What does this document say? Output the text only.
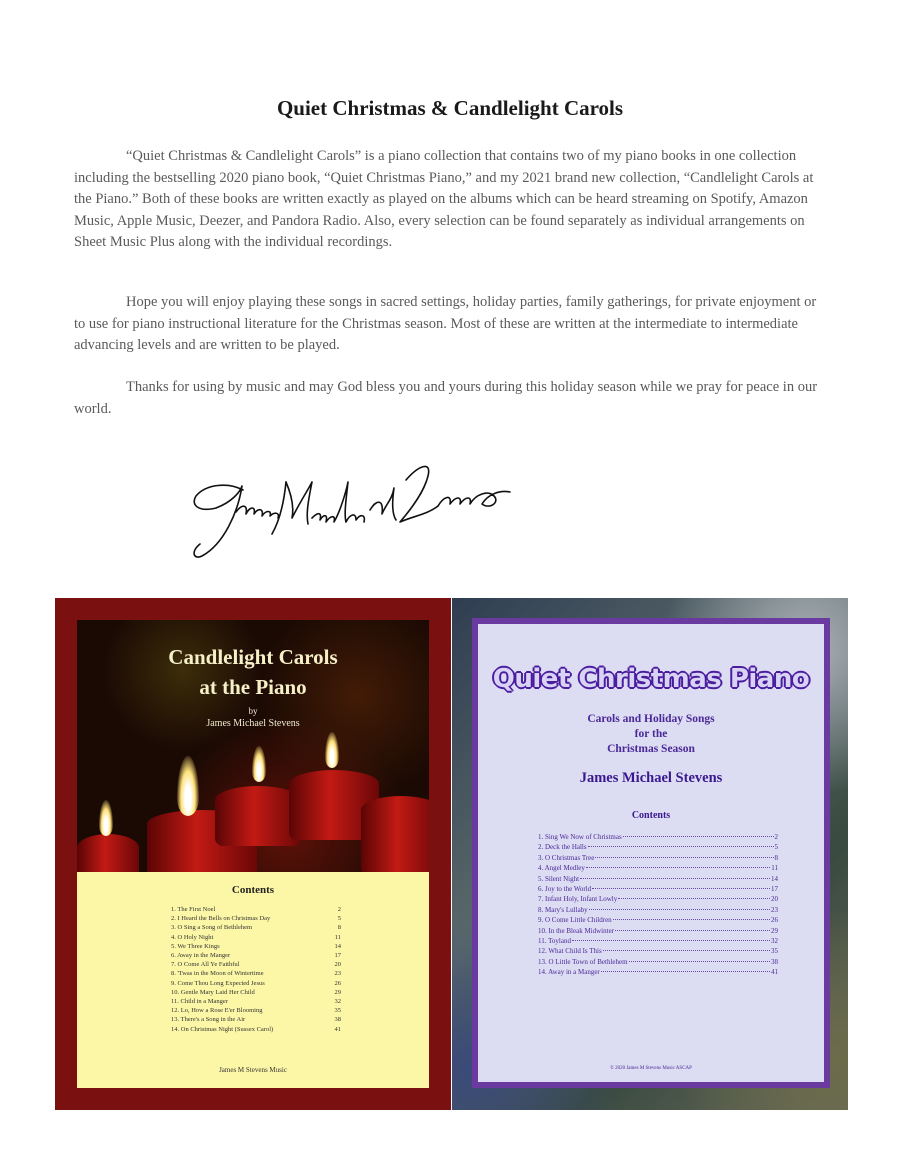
Quiet Christmas & Candlelight Carols

“Quiet Christmas & Candlelight Carols” is a piano collection that contains two of my piano books in one collection including the bestselling 2020 piano book, “Quiet Christmas Piano,” and my 2021 brand new collection, “Candlelight Carols at the Piano.” Both of these books are written exactly as played on the albums which can be heard streaming on Spotify, Amazon Music, Apple Music, Deezer, and Pandora Radio. Also, every selection can be found separately as individual arrangements on Sheet Music Plus along with the individual recordings.

Hope you will enjoy playing these songs in sacred settings, holiday parties, family gatherings, for private enjoyment or to use for piano instructional literature for the Christmas season. Most of these are written at the intermediate to intermediate advancing levels and are written to be played.

Thanks for using by music and may God bless you and yours during this holiday season while we pray for peace in our world.

Candlelight Carols
at the Piano
by
James Michael Stevens
Contents
1. The First Noel	2
2. I Heard the Bells on Christmas Day	5
3. O Sing a Song of Bethlehem	8
4. O Holy Night	11
5. We Three Kings	14
6. Away in the Manger	17
7. O Come All Ye Faithful	20
8. 'Twas in the Moon of Wintertime	23
9. Come Thou Long Expected Jesus	26
10. Gentle Mary Laid Her Child	29
11. Child in a Manger	32
12. Lo, How a Rose E'er Blooming	35
13. There's a Song in the Air	38
14. On Christmas Night (Sussex Carol)	41
James M Stevens Music
Quiet Christmas Piano
Carols and Holiday Songs
for the
Christmas Season
James Michael Stevens
Contents
1. Sing We Now of Christmas	2
2. Deck the Halls	5
3. O Christmas Tree	8
4. Angel Medley	11
5. Silent Night	14
6. Joy to the World	17
7. Infant Holy, Infant Lowly	20
8. Mary's Lullaby	23
9. O Come Little Children	26
10. In the Bleak Midwinter	29
11. Toyland	32
12. What Child Is This	35
13. O Little Town of Bethlehem	38
14. Away in a Manger	41
© 2020 James M Stevens Music ASCAP
